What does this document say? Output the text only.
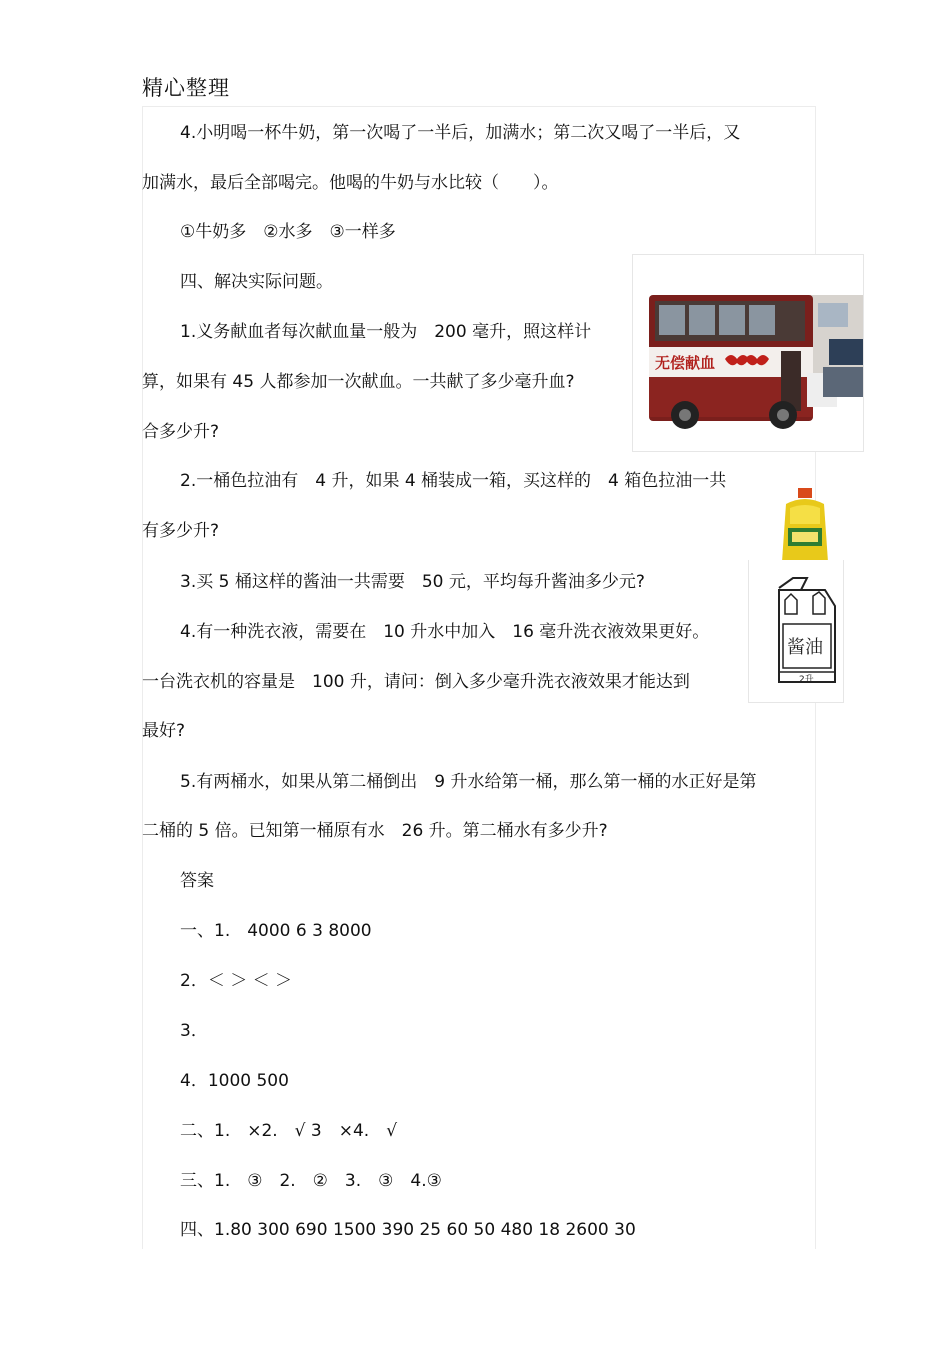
精心整理
4.小明喝一杯牛奶，第一次喝了一半后，加满水；第二次又喝了一半后，又
加满水，最后全部喝完。他喝的牛奶与水比较（　　）。
①牛奶多　②水多　③一样多
四、解决实际问题。
1.义务献血者每次献血量一般为　200 毫升，照这样计
算，如果有 45 人都参加一次献血。一共献了多少毫升血?
合多少升?
2.一桶色拉油有　4 升，如果 4 桶装成一箱，买这样的　4 箱色拉油一共
有多少升?
3.买 5 桶这样的酱油一共需要　50 元，平均每升酱油多少元?
4.有一种洗衣液，需要在　10 升水中加入　16 毫升洗衣液效果更好。
一台洗衣机的容量是　100 升，请问：倒入多少毫升洗衣液效果才能达到
最好?
5.有两桶水，如果从第二桶倒出　9 升水给第一桶，那么第一桶的水正好是第
二桶的 5 倍。已知第一桶原有水　26 升。第二桶水有多少升?
答案
一、1.　4000 6 3 8000
2．＜ ＞ ＜ ＞
3．
4．1000 500
二、1.　×2.　√ 3　×4.　√
三、1.　③　2.　②　3.　③　4.③
四、1.80 300 690 1500 390 25 60 50 480 18 2600 30
无偿献血
酱油
2升
